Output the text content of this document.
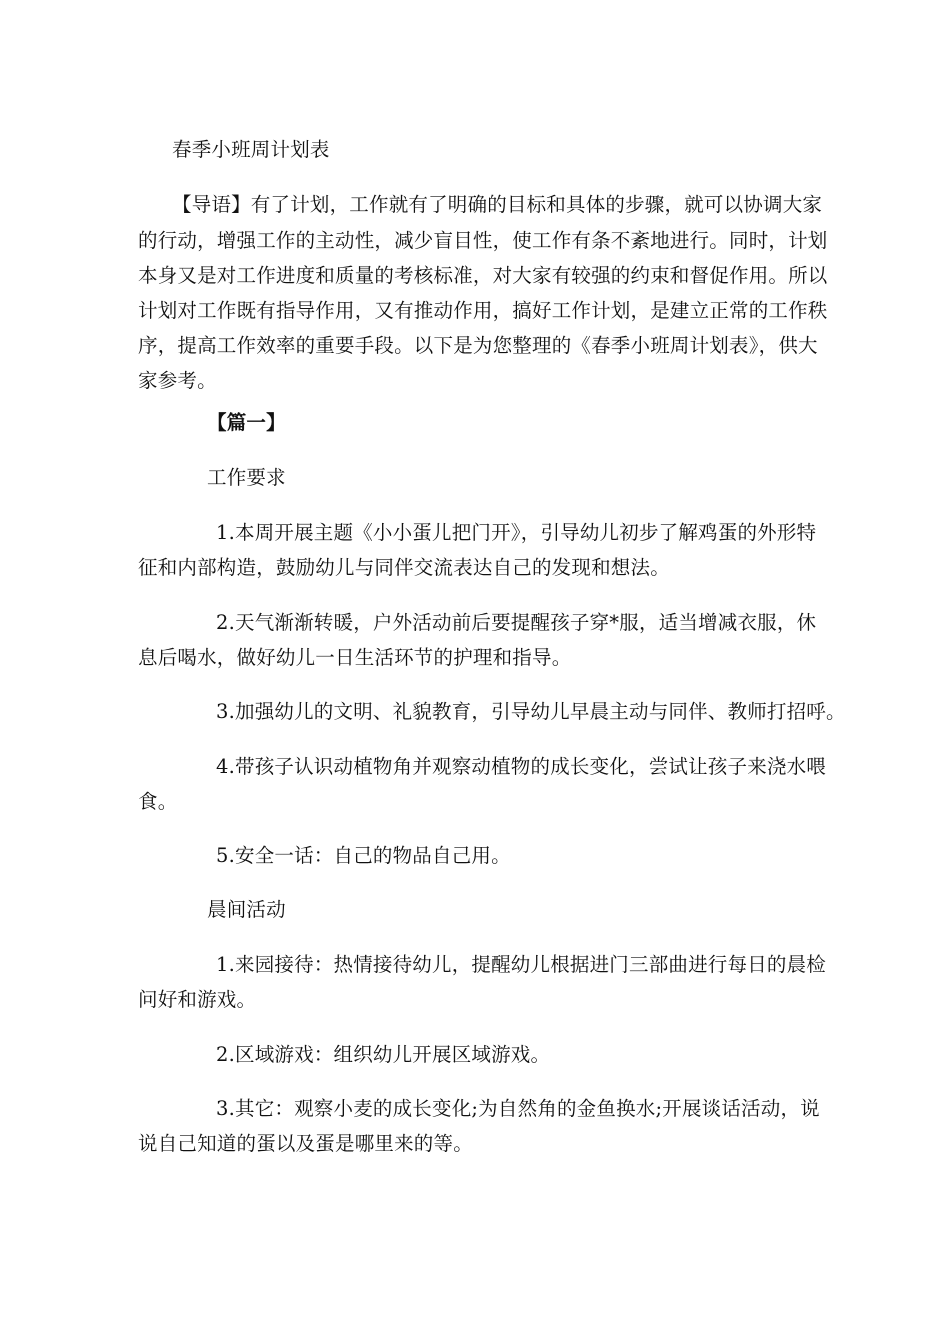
春季小班周计划表
【导语】有了计划，工作就有了明确的目标和具体的步骤，就可以协调大家
的行动，增强工作的主动性，减少盲目性，使工作有条不紊地进行。同时，计划
本身又是对工作进度和质量的考核标准，对大家有较强的约束和督促作用。所以
计划对工作既有指导作用，又有推动作用，搞好工作计划，是建立正常的工作秩
序，提高工作效率的重要手段。以下是为您整理的《春季小班周计划表》，供大
家参考。
【篇一】
工作要求
1.本周开展主题《小小蛋儿把门开》，引导幼儿初步了解鸡蛋的外形特
征和内部构造，鼓励幼儿与同伴交流表达自己的发现和想法。
2.天气渐渐转暖，户外活动前后要提醒孩子穿*服，适当增减衣服，休
息后喝水，做好幼儿一日生活环节的护理和指导。
3.加强幼儿的文明、礼貌教育，引导幼儿早晨主动与同伴、教师打招呼。
4.带孩子认识动植物角并观察动植物的成长变化，尝试让孩子来浇水喂
食。
5.安全一话：自己的物品自己用。
晨间活动
1.来园接待：热情接待幼儿，提醒幼儿根据进门三部曲进行每日的晨检
问好和游戏。
2.区域游戏：组织幼儿开展区域游戏。
3.其它：观察小麦的成长变化;为自然角的金鱼换水;开展谈话活动，说
说自己知道的蛋以及蛋是哪里来的等。
